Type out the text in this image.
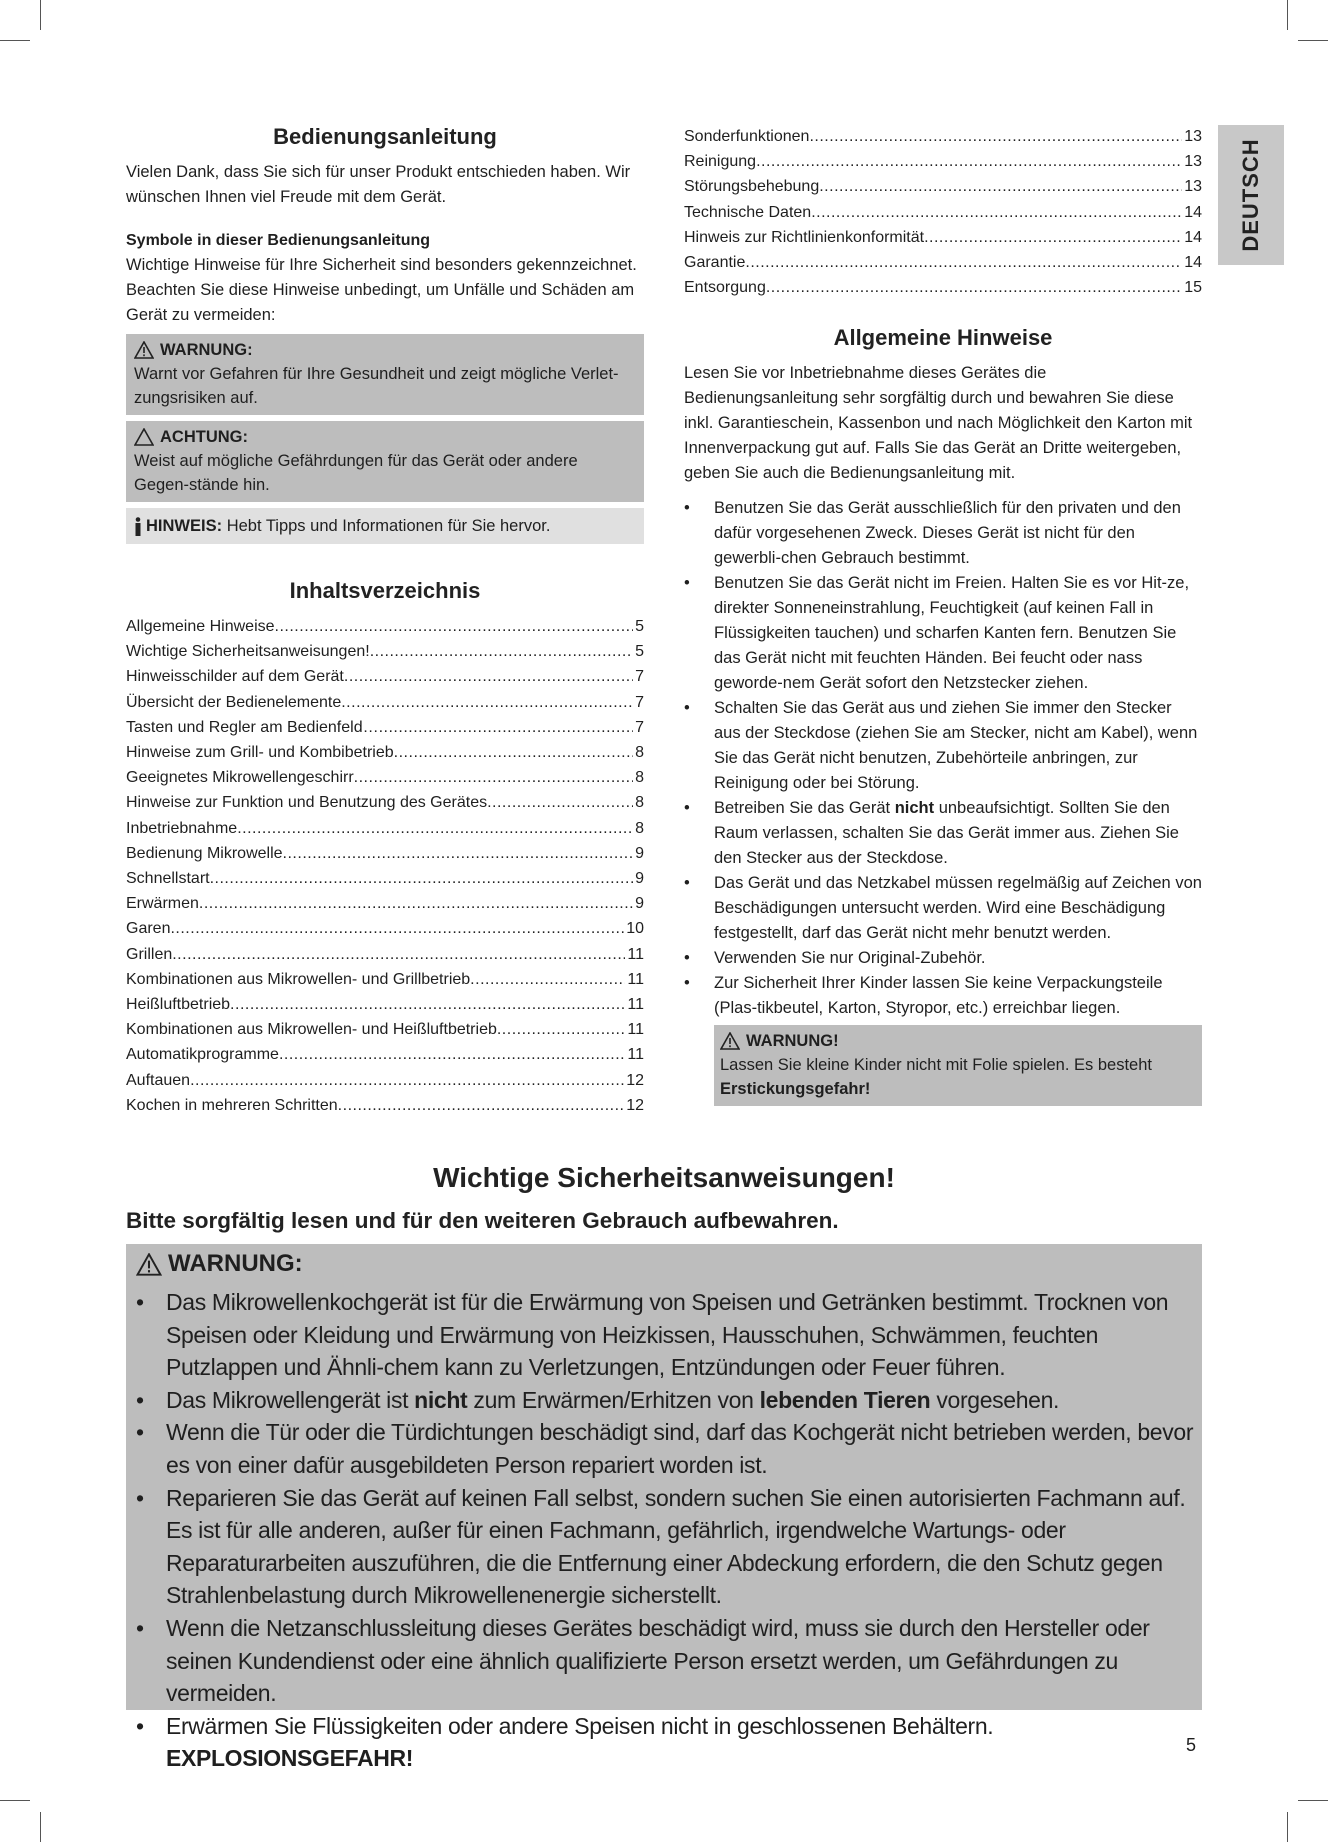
DEUTSCH
Bedienungsanleitung

Vielen Dank, dass Sie sich für unser Produkt entschieden haben. Wir wünschen Ihnen viel Freude mit dem Gerät.

Symbole in dieser Bedienungsanleitung

Wichtige Hinweise für Ihre Sicherheit sind besonders gekennzeichnet. Beachten Sie diese Hinweise unbedingt, um Unfälle und Schäden am Gerät zu vermeiden:

WARNUNG:
Warnt vor Gefahren für Ihre Gesundheit und zeigt mögliche Verlet-zungsrisiken auf.
ACHTUNG:
Weist auf mögliche Gefährdungen für das Gerät oder andere Gegen-stände hin.
HINWEIS: Hebt Tipps und Informationen für Sie hervor.
Inhaltsverzeichnis
Allgemeine Hinweise .....	5
Wichtige Sicherheitsanweisungen! .....	5
Hinweisschilder auf dem Gerät .....	7
Übersicht der Bedienelemente .....	7
Tasten und Regler am Bedienfeld… .....	7
Hinweise zum Grill- und Kombibetrieb .....	8
Geeignetes Mikrowellengeschirr .....	8
Hinweise zur Funktion und Benutzung des Gerätes .....	8
Inbetriebnahme .....	8
Bedienung Mikrowelle .....	9
Schnellstart .....	9
Erwärmen .....	9
Garen .....	10
Grillen .....	11
Kombinationen aus Mikrowellen- und Grillbetrieb .....	11
Heißluftbetrieb .....	11
Kombinationen aus Mikrowellen- und Heißluftbetrieb .....	11
Automatikprogramme .....	11
Auftauen .....	12
Kochen in mehreren Schritten .....	12
Sonderfunktionen .....	13
Reinigung .....	13
Störungsbehebung .....	13
Technische Daten .....	14
Hinweis zur Richtlinienkonformität .....	14
Garantie .....	14
Entsorgung .....	15
Allgemeine Hinweise

Lesen Sie vor Inbetriebnahme dieses Gerätes die Bedienungsanleitung sehr sorgfältig durch und bewahren Sie diese inkl. Garantieschein, Kassenbon und nach Möglichkeit den Karton mit Innenverpackung gut auf. Falls Sie das Gerät an Dritte weitergeben, geben Sie auch die Bedienungsanleitung mit.

• Benutzen Sie das Gerät ausschließlich für den privaten und den dafür vorgesehenen Zweck. Dieses Gerät ist nicht für den gewerbli-chen Gebrauch bestimmt.
• Benutzen Sie das Gerät nicht im Freien. Halten Sie es vor Hit-ze, direkter Sonneneinstrahlung, Feuchtigkeit (auf keinen Fall in Flüssigkeiten tauchen) und scharfen Kanten fern. Benutzen Sie das Gerät nicht mit feuchten Händen. Bei feucht oder nass geworde-nem Gerät sofort den Netzstecker ziehen.
• Schalten Sie das Gerät aus und ziehen Sie immer den Stecker aus der Steckdose (ziehen Sie am Stecker, nicht am Kabel), wenn Sie das Gerät nicht benutzen, Zubehörteile anbringen, zur Reinigung oder bei Störung.
• Betreiben Sie das Gerät nicht unbeaufsichtigt. Sollten Sie den Raum verlassen, schalten Sie das Gerät immer aus. Ziehen Sie den Stecker aus der Steckdose.
• Das Gerät und das Netzkabel müssen regelmäßig auf Zeichen von Beschädigungen untersucht werden. Wird eine Beschädigung festgestellt, darf das Gerät nicht mehr benutzt werden.
• Verwenden Sie nur Original-Zubehör.
• Zur Sicherheit Ihrer Kinder lassen Sie keine Verpackungsteile (Plas-tikbeutel, Karton, Styropor, etc.) erreichbar liegen.
WARNUNG!
Lassen Sie kleine Kinder nicht mit Folie spielen. Es besteht
Erstickungsgefahr!
Wichtige Sicherheitsanweisungen!
Bitte sorgfältig lesen und für den weiteren Gebrauch aufbewahren.
WARNUNG:
• Das Mikrowellenkochgerät ist für die Erwärmung von Speisen und Getränken bestimmt. Trocknen von Speisen oder Kleidung und Erwärmung von Heizkissen, Hausschuhen, Schwämmen, feuchten Putzlappen und Ähnli-chem kann zu Verletzungen, Entzündungen oder Feuer führen.
• Das Mikrowellengerät ist nicht zum Erwärmen/Erhitzen von lebenden Tieren vorgesehen.
• Wenn die Tür oder die Türdichtungen beschädigt sind, darf das Kochgerät nicht betrieben werden, bevor es von einer dafür ausgebildeten Person repariert worden ist.
• Reparieren Sie das Gerät auf keinen Fall selbst, sondern suchen Sie einen autorisierten Fachmann auf. Es ist für alle anderen, außer für einen Fachmann, gefährlich, irgendwelche Wartungs- oder Reparaturarbeiten auszuführen, die die Entfernung einer Abdeckung erfordern, die den Schutz gegen Strahlenbelastung durch Mikrowellenenergie sicherstellt.
• Wenn die Netzanschlussleitung dieses Gerätes beschädigt wird, muss sie durch den Hersteller oder seinen Kundendienst oder eine ähnlich qualifizierte Person ersetzt werden, um Gefährdungen zu vermeiden.
• Erwärmen Sie Flüssigkeiten oder andere Speisen nicht in geschlossenen Behältern. EXPLOSIONSGEFAHR!
5
